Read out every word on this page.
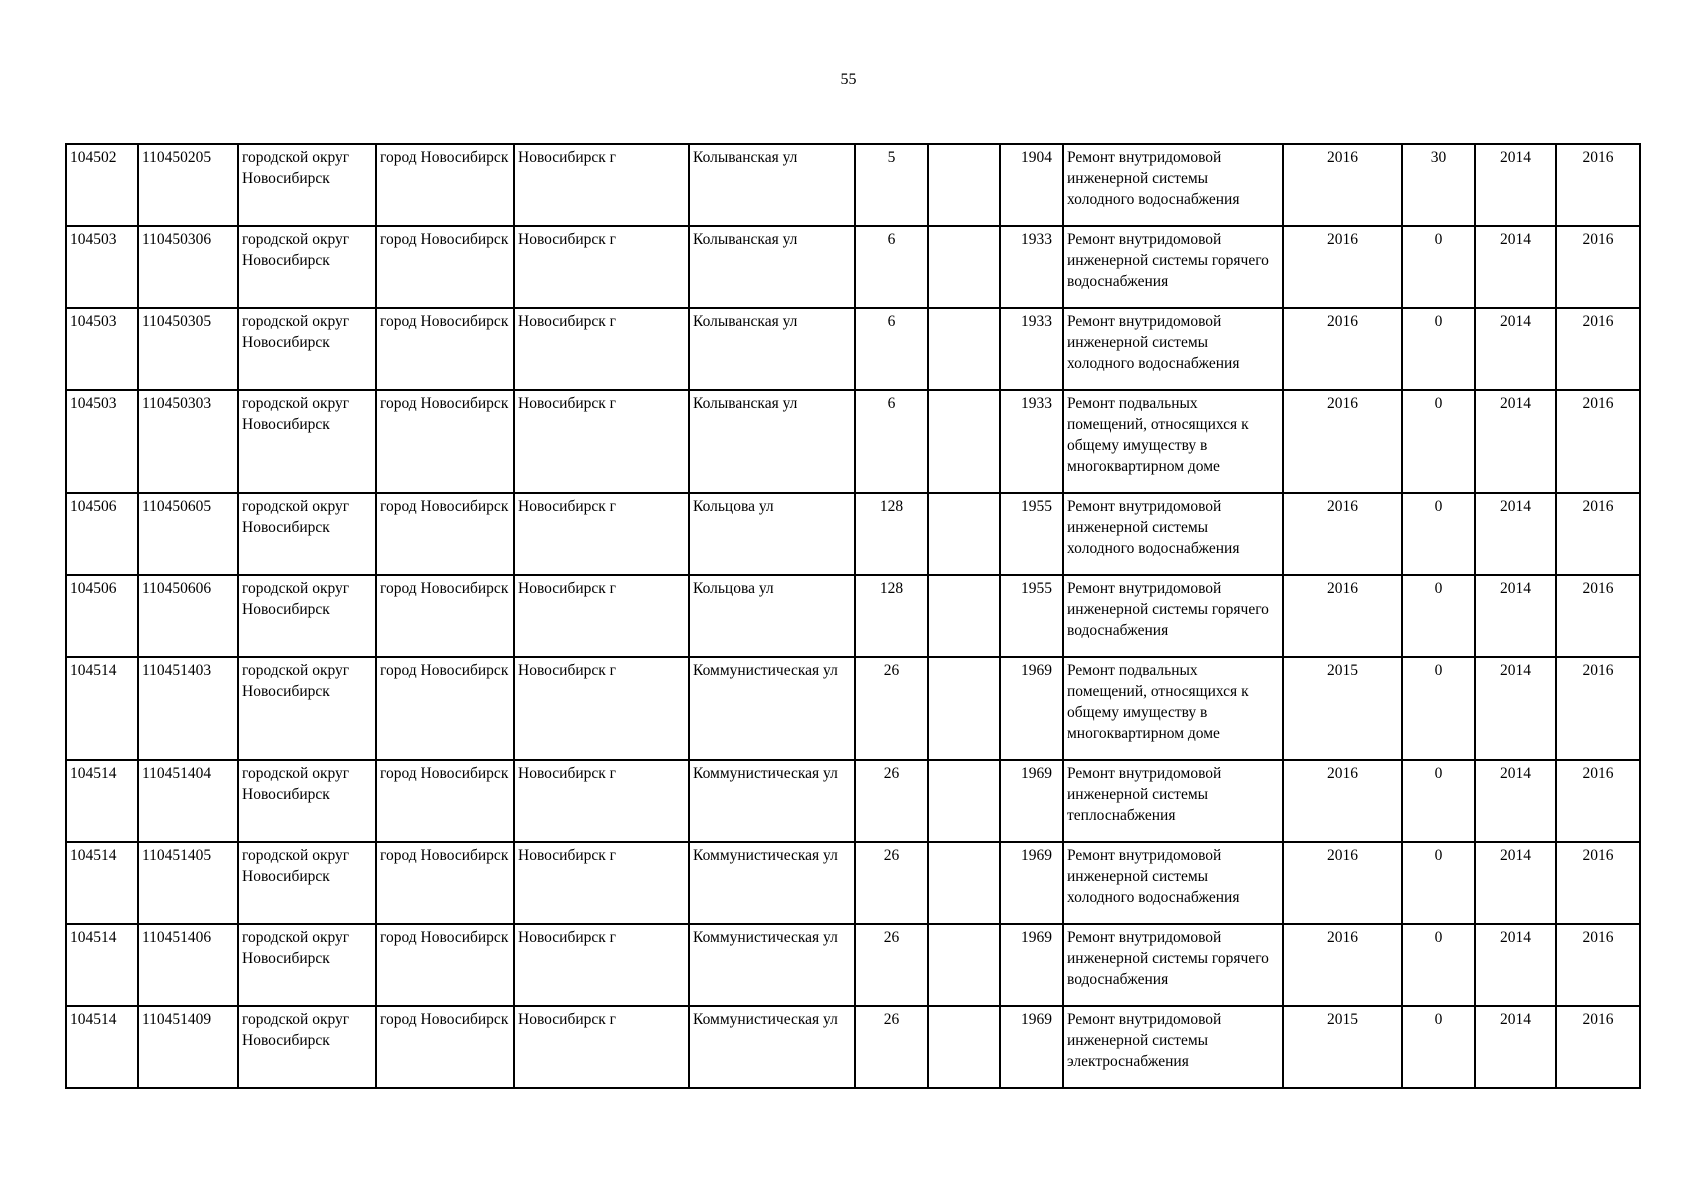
55
104502	110450205	городской округ Новосибирск	город Новосибирск	Новосибирск г	Колыванская ул	5		1904	Ремонт внутридомовой инженерной системы холодного водоснабжения	2016	30	2014	2016
104503	110450306	городской округ Новосибирск	город Новосибирск	Новосибирск г	Колыванская ул	6		1933	Ремонт внутридомовой инженерной системы горячего водоснабжения	2016	0	2014	2016
104503	110450305	городской округ Новосибирск	город Новосибирск	Новосибирск г	Колыванская ул	6		1933	Ремонт внутридомовой инженерной системы холодного водоснабжения	2016	0	2014	2016
104503	110450303	городской округ Новосибирск	город Новосибирск	Новосибирск г	Колыванская ул	6		1933	Ремонт подвальных помещений, относящихся к общему имуществу в многоквартирном доме	2016	0	2014	2016
104506	110450605	городской округ Новосибирск	город Новосибирск	Новосибирск г	Кольцова ул	128		1955	Ремонт внутридомовой инженерной системы холодного водоснабжения	2016	0	2014	2016
104506	110450606	городской округ Новосибирск	город Новосибирск	Новосибирск г	Кольцова ул	128		1955	Ремонт внутридомовой инженерной системы горячего водоснабжения	2016	0	2014	2016
104514	110451403	городской округ Новосибирск	город Новосибирск	Новосибирск г	Коммунистическая ул	26		1969	Ремонт подвальных помещений, относящихся к общему имуществу в многоквартирном доме	2015	0	2014	2016
104514	110451404	городской округ Новосибирск	город Новосибирск	Новосибирск г	Коммунистическая ул	26		1969	Ремонт внутридомовой инженерной системы теплоснабжения	2016	0	2014	2016
104514	110451405	городской округ Новосибирск	город Новосибирск	Новосибирск г	Коммунистическая ул	26		1969	Ремонт внутридомовой инженерной системы холодного водоснабжения	2016	0	2014	2016
104514	110451406	городской округ Новосибирск	город Новосибирск	Новосибирск г	Коммунистическая ул	26		1969	Ремонт внутридомовой инженерной системы горячего водоснабжения	2016	0	2014	2016
104514	110451409	городской округ Новосибирск	город Новосибирск	Новосибирск г	Коммунистическая ул	26		1969	Ремонт внутридомовой инженерной системы электроснабжения	2015	0	2014	2016
